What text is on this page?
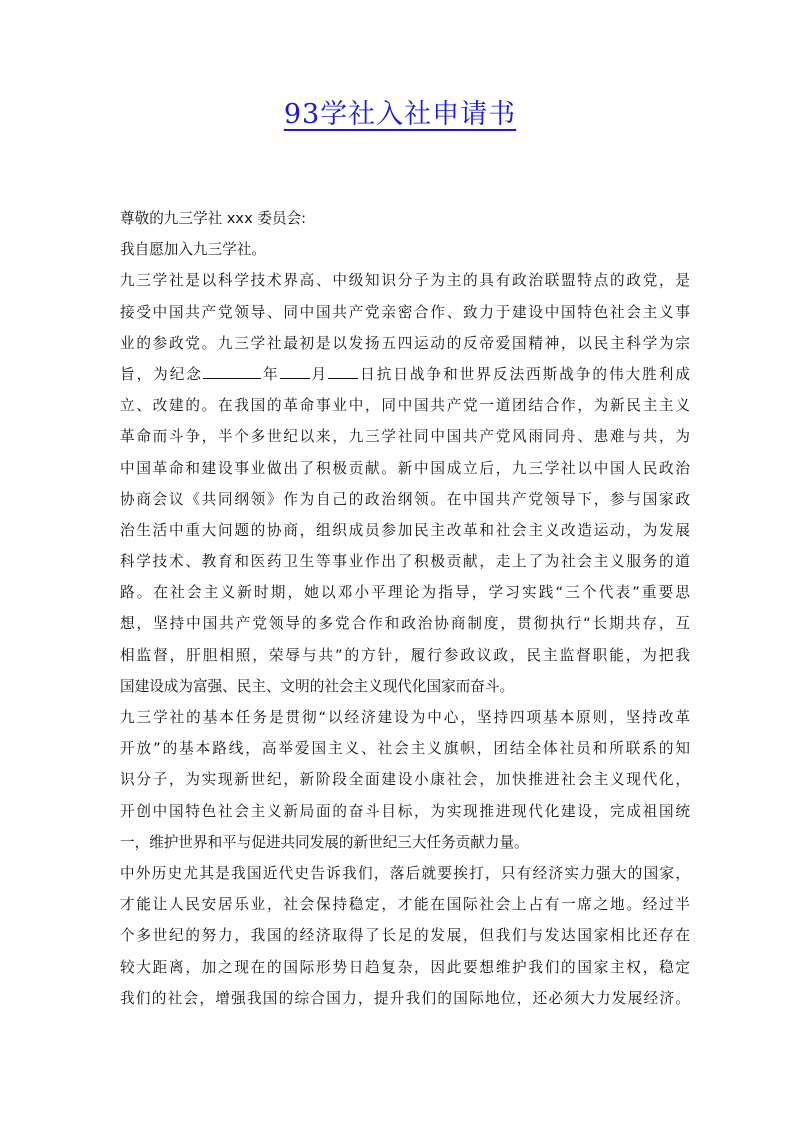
93学社入社申请书

尊敬的九三学社 xxx 委员会:

我自愿加入九三学社。

九三学社是以科学技术界高、中级知识分子为主的具有政治联盟特点的政党，是
接受中国共产党领导、同中国共产党亲密合作、致力于建设中国特色社会主义事
业的参政党。九三学社最初是以发扬五四运动的反帝爱国精神，以民主科学为宗
旨，为纪念	年 月 日抗日战争和世界反法西斯战争的伟大胜利成
立、改建的。在我国的革命事业中，同中国共产党一道团结合作，为新民主主义
革命而斗争，半个多世纪以来，九三学社同中国共产党风雨同舟、患难与共，为
中国革命和建设事业做出了积极贡献。新中国成立后，九三学社以中国人民政治
协商会议《共同纲领》作为自己的政治纲领。在中国共产党领导下，参与国家政
治生活中重大问题的协商，组织成员参加民主改革和社会主义改造运动，为发展
科学技术、教育和医药卫生等事业作出了积极贡献，走上了为社会主义服务的道
路。在社会主义新时期，她以邓小平理论为指导，学习实践“三个代表”重要思
想，坚持中国共产党领导的多党合作和政治协商制度，贯彻执行“长期共存，互
相监督，肝胆相照，荣辱与共”的方针，履行参政议政，民主监督职能，为把我
国建设成为富强、民主、文明的社会主义现代化国家而奋斗。

九三学社的基本任务是贯彻“以经济建设为中心，坚持四项基本原则，坚持改革
开放”的基本路线，高举爱国主义、社会主义旗帜，团结全体社员和所联系的知
识分子，为实现新世纪，新阶段全面建设小康社会，加快推进社会主义现代化，
开创中国特色社会主义新局面的奋斗目标，为实现推进现代化建设，完成祖国统
一，维护世界和平与促进共同发展的新世纪三大任务贡献力量。

中外历史尤其是我国近代史告诉我们，落后就要挨打，只有经济实力强大的国家，
才能让人民安居乐业，社会保持稳定，才能在国际社会上占有一席之地。经过半
个多世纪的努力，我国的经济取得了长足的发展，但我们与发达国家相比还存在
较大距离，加之现在的国际形势日趋复杂，因此要想维护我们的国家主权，稳定
我们的社会，增强我国的综合国力，提升我们的国际地位，还必须大力发展经济。
